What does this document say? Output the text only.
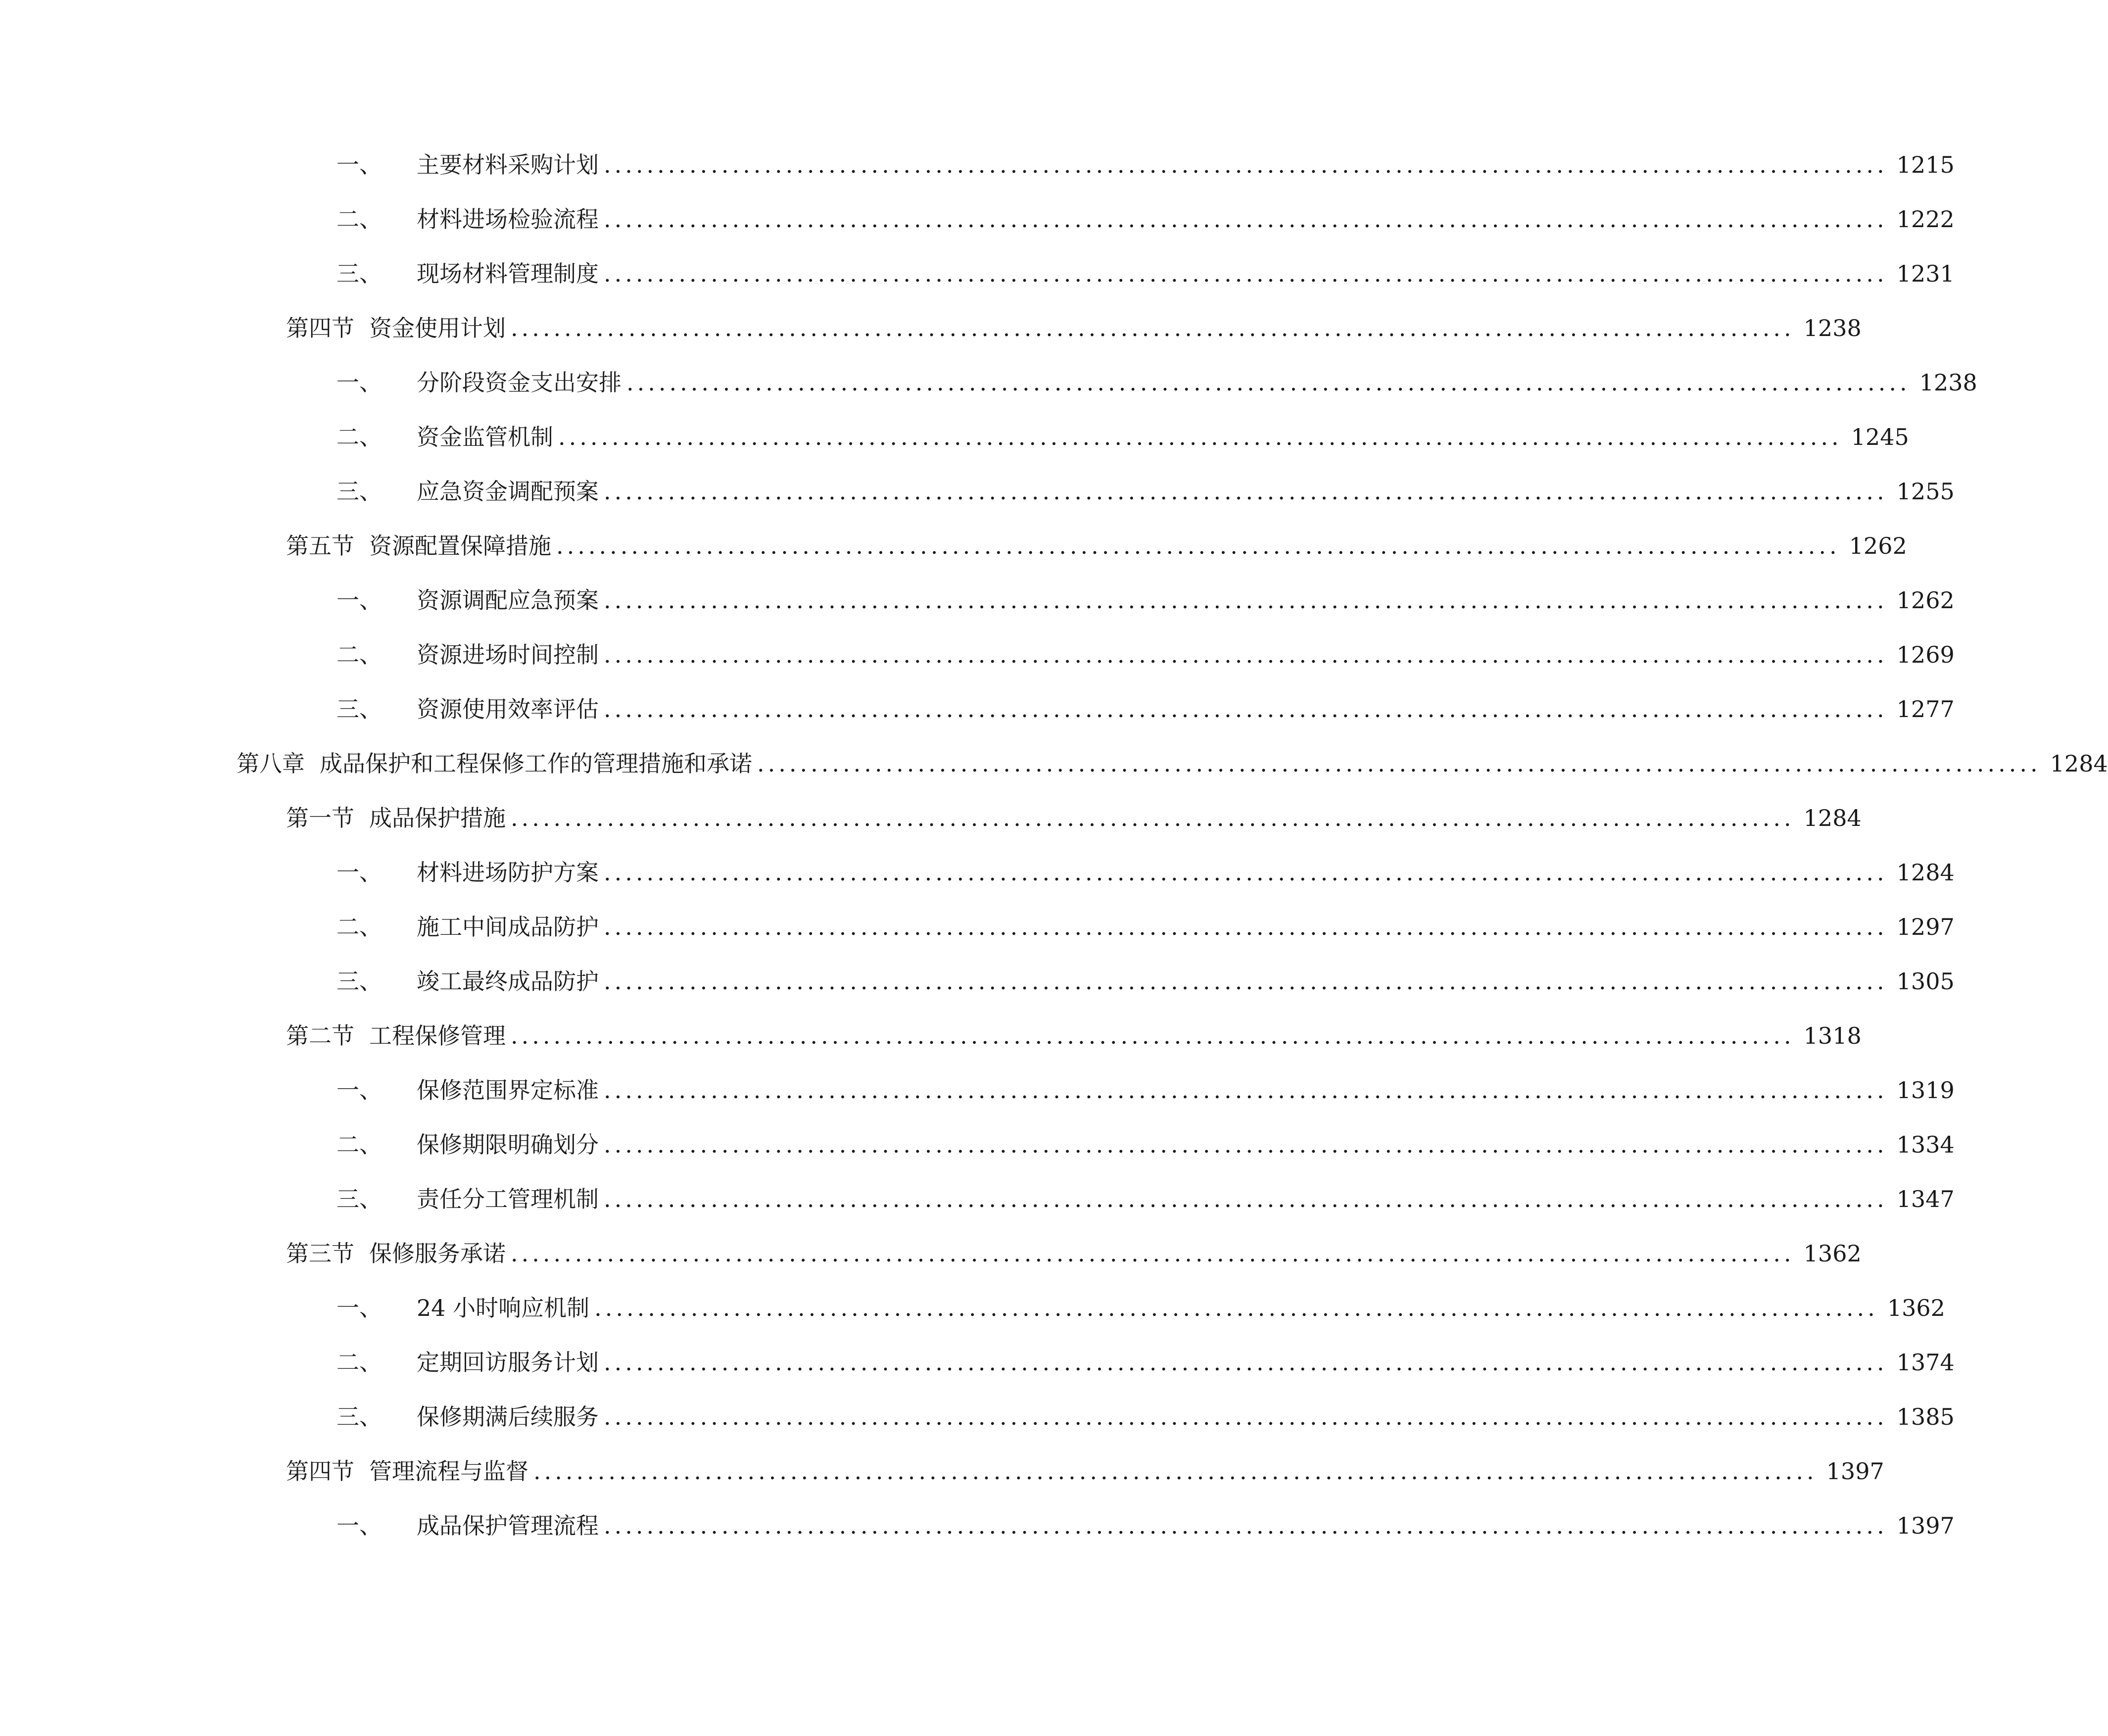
一、 主要材料采购计划 ........................................................................................................................ 1215
二、 材料进场检验流程 ........................................................................................................................ 1222
三、 现场材料管理制度 ........................................................................................................................ 1231
第四节 资金使用计划 ........................................................................................................................ 1238
一、 分阶段资金支出安排 ........................................................................................................................ 1238
二、 资金监管机制 ........................................................................................................................ 1245
三、 应急资金调配预案 ........................................................................................................................ 1255
第五节 资源配置保障措施 ........................................................................................................................ 1262
一、 资源调配应急预案 ........................................................................................................................ 1262
二、 资源进场时间控制 ........................................................................................................................ 1269
三、 资源使用效率评估 ........................................................................................................................ 1277
第八章 成品保护和工程保修工作的管理措施和承诺 ........................................................................................................................ 1284
第一节 成品保护措施 ........................................................................................................................ 1284
一、 材料进场防护方案 ........................................................................................................................ 1284
二、 施工中间成品防护 ........................................................................................................................ 1297
三、 竣工最终成品防护 ........................................................................................................................ 1305
第二节 工程保修管理 ........................................................................................................................ 1318
一、 保修范围界定标准 ........................................................................................................................ 1319
二、 保修期限明确划分 ........................................................................................................................ 1334
三、 责任分工管理机制 ........................................................................................................................ 1347
第三节 保修服务承诺 ........................................................................................................................ 1362
一、 24 小时响应机制 ........................................................................................................................ 1362
二、 定期回访服务计划 ........................................................................................................................ 1374
三、 保修期满后续服务 ........................................................................................................................ 1385
第四节 管理流程与监督 ........................................................................................................................ 1397
一、 成品保护管理流程 ........................................................................................................................ 1397
